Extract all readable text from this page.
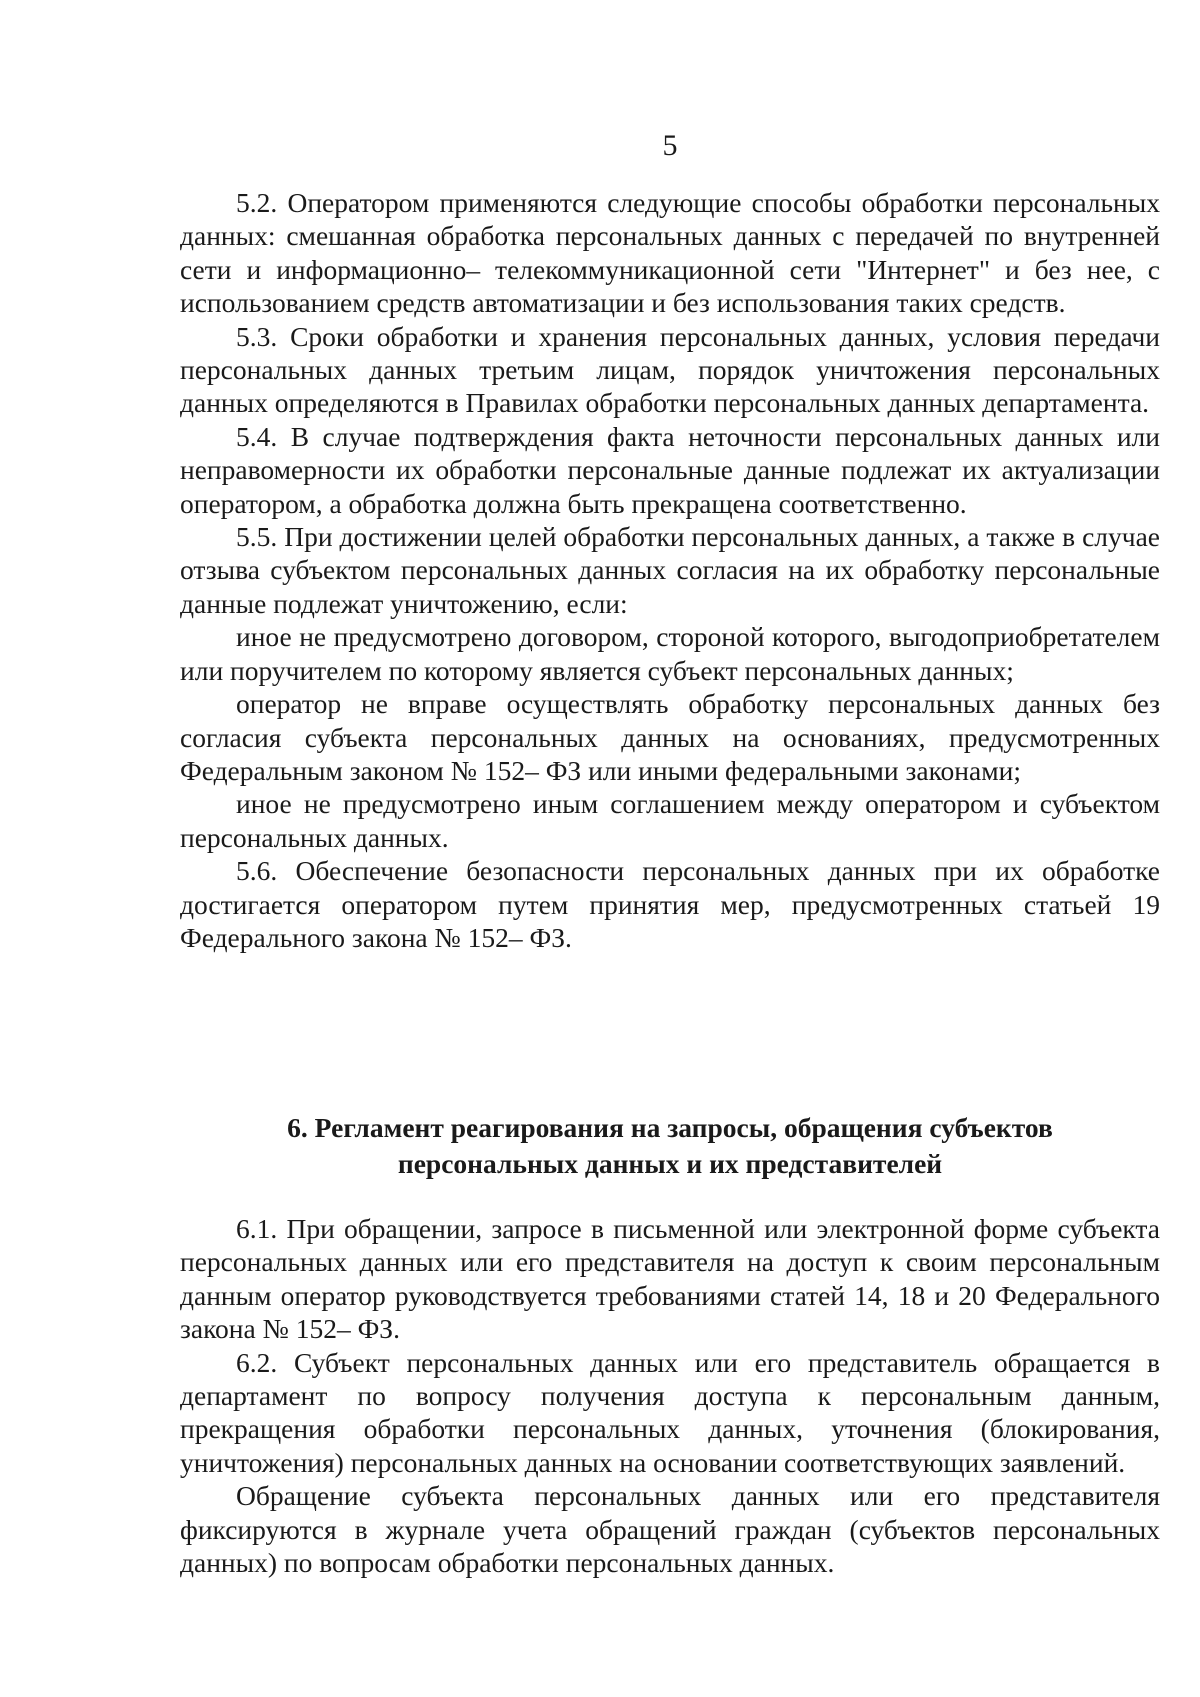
5

5.2. Оператором применяются следующие способы обработки персональных данных: смешанная обработка персональных данных с передачей по внутренней сети и информационно– телекоммуникационной сети "Интернет" и без нее, с использованием средств автоматизации и без использования таких средств.

5.3. Сроки обработки и хранения персональных данных, условия передачи персональных данных третьим лицам, порядок уничтожения персональных данных определяются в Правилах обработки персональных данных департамента.

5.4. В случае подтверждения факта неточности персональных данных или неправомерности их обработки персональные данные подлежат их актуализации оператором, а обработка должна быть прекращена соответственно.

5.5. При достижении целей обработки персональных данных, а также в случае отзыва субъектом персональных данных согласия на их обработку персональные данные подлежат уничтожению, если:

иное не предусмотрено договором, стороной которого, выгодоприобретателем или поручителем по которому является субъект персональных данных;

оператор не вправе осуществлять обработку персональных данных без согласия субъекта персональных данных на основаниях, предусмотренных Федеральным законом № 152– ФЗ или иными федеральными законами;

иное не предусмотрено иным соглашением между оператором и субъектом персональных данных.

5.6. Обеспечение безопасности персональных данных при их обработке достигается оператором путем принятия мер, предусмотренных статьей 19 Федерального закона № 152– ФЗ.

6. Регламент реагирования на запросы, обращения субъектов
персональных данных и их представителей

6.1. При обращении, запросе в письменной или электронной форме субъекта персональных данных или его представителя на доступ к своим персональным данным оператор руководствуется требованиями статей 14, 18 и 20 Федерального закона № 152– ФЗ.

6.2. Субъект персональных данных или его представитель обращается в департамент по вопросу получения доступа к персональным данным, прекращения обработки персональных данных, уточнения (блокирования, уничтожения) персональных данных на основании соответствующих заявлений.

Обращение субъекта персональных данных или его представителя фиксируются в журнале учета обращений граждан (субъектов персональных данных) по вопросам обработки персональных данных.
